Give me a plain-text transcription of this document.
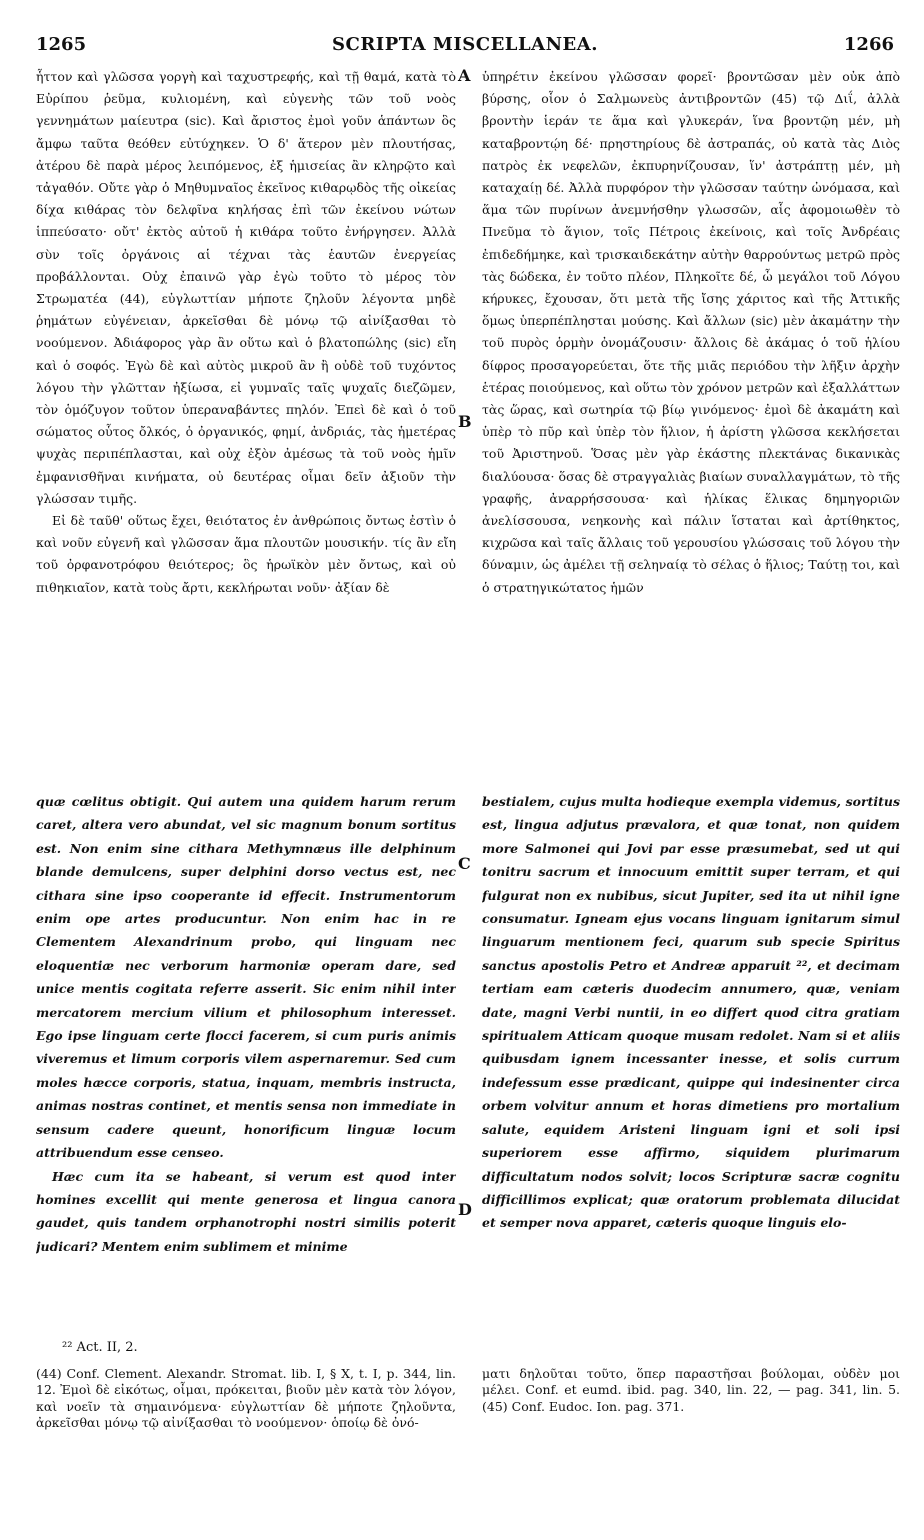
1265	SCRIPTA MISCELLANEA.	1266
A
B
C
D

ἧττον καὶ γλῶσσα γοργὴ καὶ ταχυστρεφής, καὶ τῇ θαμά, κατὰ τὸ Εὐρίπου ῥεῦμα, κυλιομένη, καὶ εὐγενὴς τῶν τοῦ νοὸς γεννημάτων μαίευτρα (sic). Καὶ ἄριστος ἐμοὶ γοῦν ἁπάντων ὃς ἄμφω ταῦτα θεόθεν εὐτύχηκεν. Ὁ δ' ἅτερον μὲν πλουτήσας, ἀτέρου δὲ παρὰ μέρος λειπόμενος, ἐξ ἡμισείας ἂν κληρῷτο καὶ τἀγαθόν. Οὔτε γὰρ ὁ Μηθυμναῖος ἐκεῖνος κιθαρῳδὸς τῆς οἰκείας δίχα κιθάρας τὸν δελφῖνα κηλήσας ἐπὶ τῶν ἐκείνου νώτων ἱππεύσατο· οὔτ' ἐκτὸς αὐτοῦ ἡ κιθάρα τοῦτο ἐνήργησεν. Ἀλλὰ σὺν τοῖς ὀργάνοις αἱ τέχναι τὰς ἑαυτῶν ἐνεργείας προβάλλονται. Οὐχ ἐπαινῶ γὰρ ἐγὼ τοῦτο τὸ μέρος τὸν Στρωματέα (44), εὐγλωττίαν μήποτε ζηλοῦν λέγοντα μηδὲ ῥημάτων εὐγένειαν, ἀρκεῖσθαι δὲ μόνῳ τῷ αἰνίξασθαι τὸ νοούμενον. Ἀδιάφορος γὰρ ἂν οὕτω καὶ ὁ βλατοπώλης (sic) εἴη καὶ ὁ σοφός. Ἐγὼ δὲ καὶ αὐτὸς μικροῦ ἂν ἢ οὐδὲ τοῦ τυχόντος λόγου τὴν γλῶτταν ἠξίωσα, εἰ γυμναῖς ταῖς ψυχαῖς διεζῶμεν, τὸν ὁμόζυγον τοῦτον ὑπεραναβάντες πηλόν. Ἐπεὶ δὲ καὶ ὁ τοῦ σώματος οὗτος ὄλκός, ὁ ὀργανικός, φημί, ἀνδριάς, τὰς ἡμετέρας ψυχὰς περιπέπλασται, καὶ οὐχ ἐξὸν ἀμέσως τὰ τοῦ νοὸς ἡμῖν ἐμφανισθῆναι κινήματα, οὐ δευτέρας οἶμαι δεῖν ἀξιοῦν τὴν γλώσσαν τιμῆς.

Εἰ δὲ ταῦθ' οὕτως ἔχει, θειότατος ἐν ἀνθρώποις ὄντως ἐστὶν ὁ καὶ νοῦν εὐγενῆ καὶ γλῶσσαν ἅμα πλουτῶν μουσικήν. τίς ἂν εἴη τοῦ ὀρφανοτρόφου θειότερος; ὃς ἡρωϊκὸν μὲν ὄντως, καὶ οὐ πιθηκιαῖον, κατὰ τοὺς ἄρτι, κεκλήρωται νοῦν· ἀξίαν δὲ

ὑπηρέτιν ἐκείνου γλῶσσαν φορεῖ· βροντῶσαν μὲν οὐκ ἀπὸ βύρσης, οἷον ὁ Σαλμωνεὺς ἀντιβροντῶν (45) τῷ Διΐ, ἀλλὰ βροντὴν ἱεράν τε ἅμα καὶ γλυκεράν, ἵνα βροντῷη μέν, μὴ καταβροντῴη δέ· πρηστηρίους δὲ ἀστραπάς, οὐ κατὰ τὰς Διὸς πατρὸς ἐκ νεφελῶν, ἐκπυρηνίζουσαν, ἵν' ἀστράπτῃ μέν, μὴ καταχαίῃ δέ. Ἀλλὰ πυρφόρον τὴν γλῶσσαν ταύτην ὠνόμασα, καὶ ἅμα τῶν πυρίνων ἀνεμνήσθην γλωσσῶν, αἷς ἀφομοιωθὲν τὸ Πνεῦμα τὸ ἅγιον, τοῖς Πέτροις ἐκείνοις, καὶ τοῖς Ἀνδρέαις ἐπιδεδήμηκε, καὶ τρισκαιδεκάτην αὐτὴν θαρρούντως μετρῶ πρὸς τὰς δώδεκα, ἐν τοῦτο πλέον, Πληκοῖτε δέ, ὦ μεγάλοι τοῦ Λόγου κήρυκες, ἔχουσαν, ὅτι μετὰ τῆς ἴσης χάριτος καὶ τῆς Ἀττικῆς ὅμως ὑπερπέπλησται μούσης. Καὶ ἄλλων (sic) μὲν ἀκαμάτην τὴν τοῦ πυρὸς ὁρμὴν ὀνομάζουσιν· ἄλλοις δὲ ἀκάμας ὁ τοῦ ἡλίου δίφρος προσαγορεύεται, ὅτε τῆς μιᾶς περιόδου τὴν λῆξιν ἀρχὴν ἑτέρας ποιούμενος, καὶ οὕτω τὸν χρόνον μετρῶν καὶ ἐξαλλάττων τὰς ὥρας, καὶ σωτηρία τῷ βίῳ γινόμενος· ἐμοὶ δὲ ἀκαμάτη καὶ ὑπὲρ τὸ πῦρ καὶ ὑπὲρ τὸν ἥλιον, ἡ ἀρίστη γλῶσσα κεκλήσεται τοῦ Ἀριστηνοῦ. Ὅσας μὲν γὰρ ἑκάστης πλεκτάνας δικανικὰς διαλύουσα· ὅσας δὲ στραγγαλιὰς βιαίων συναλλαγμάτων, τὸ τῆς γραφῆς, ἀναρρήσσουσα· καὶ ἡλίκας ἕλικας δημηγοριῶν ἀνελίσσουσα, νεηκονὴς καὶ πάλιν ἵσταται καὶ ἀρτίθηκτος, κιχρῶσα καὶ ταῖς ἄλλαις τοῦ γερουσίου γλώσσαις τοῦ λόγου τὴν δύναμιν, ὡς ἀμέλει τῇ σεληναίᾳ τὸ σέλας ὁ ἥλιος; Ταύτῃ τοι, καὶ ὁ στρατηγικώτατος ἡμῶν

quæ cœlitus obtigit. Qui autem una quidem harum rerum caret, altera vero abundat, vel sic magnum bonum sortitus est. Non enim sine cithara Methymnæus ille delphinum blande demulcens, super delphini dorso vectus est, nec cithara sine ipso cooperante id effecit. Instrumentorum enim ope artes producuntur. Non enim hac in re Clementem Alexandrinum probo, qui linguam nec eloquentiæ nec verborum harmoniæ operam dare, sed unice mentis cogitata referre asserit. Sic enim nihil inter mercatorem mercium vilium et philosophum interesset. Ego ipse linguam certe flocci facerem, si cum puris animis viveremus et limum corporis vilem aspernaremur. Sed cum moles hæcce corporis, statua, inquam, membris instructa, animas nostras continet, et mentis sensa non immediate in sensum cadere queunt, honorificum linguæ locum attribuendum esse censeo.

Hæc cum ita se habeant, si verum est quod inter homines excellit qui mente generosa et lingua canora gaudet, quis tandem orphanotrophi nostri similis poterit judicari? Mentem enim sublimem et minime

bestialem, cujus multa hodieque exempla videmus, sortitus est, lingua adjutus prævalora, et quæ tonat, non quidem more Salmonei qui Jovi par esse præsumebat, sed ut qui tonitru sacrum et innocuum emittit super terram, et qui fulgurat non ex nubibus, sicut Jupiter, sed ita ut nihil igne consumatur. Igneam ejus vocans linguam ignitarum simul linguarum mentionem feci, quarum sub specie Spiritus sanctus apostolis Petro et Andreæ apparuit ²², et decimam tertiam eam cæteris duodecim annumero, quæ, veniam date, magni Verbi nuntii, in eo differt quod citra gratiam spiritualem Atticam quoque musam redolet. Nam si et aliis quibusdam ignem incessanter inesse, et solis currum indefessum esse prædicant, quippe qui indesinenter circa orbem volvitur annum et horas dimetiens pro mortalium salute, equidem Aristeni linguam igni et soli ipsi superiorem esse affirmo, siquidem plurimarum difficultatum nodos solvit; locos Scripturæ sacræ cognitu difficillimos explicat; quæ oratorum problemata dilucidat et semper nova apparet, cæteris quoque linguis elo-

²² Act. II, 2.

(44) Conf. Clement. Alexandr. Stromat. lib. I, § X, t. I, p. 344, lin. 12. Ἐμοὶ δὲ εἰκότως, οἶμαι, πρόκειται, βιοῦν μὲν κατὰ τὸν λόγον, καὶ νοεῖν τὰ σημαινόμενα· εὐγλωττίαν δὲ μήποτε ζηλοῦντα, ἀρκεῖσθαι μόνῳ τῷ αἰνίξασθαι τὸ νοούμενον· ὁποίῳ δὲ ὀνό-

ματι δηλοῦται τοῦτο, ὅπερ παραστῆσαι βούλομαι, οὐδὲν μοι μέλει. Conf. et eumd. ibid. pag. 340, lin. 22, — pag. 341, lin. 5. (45) Conf. Eudoc. Ion. pag. 371.
